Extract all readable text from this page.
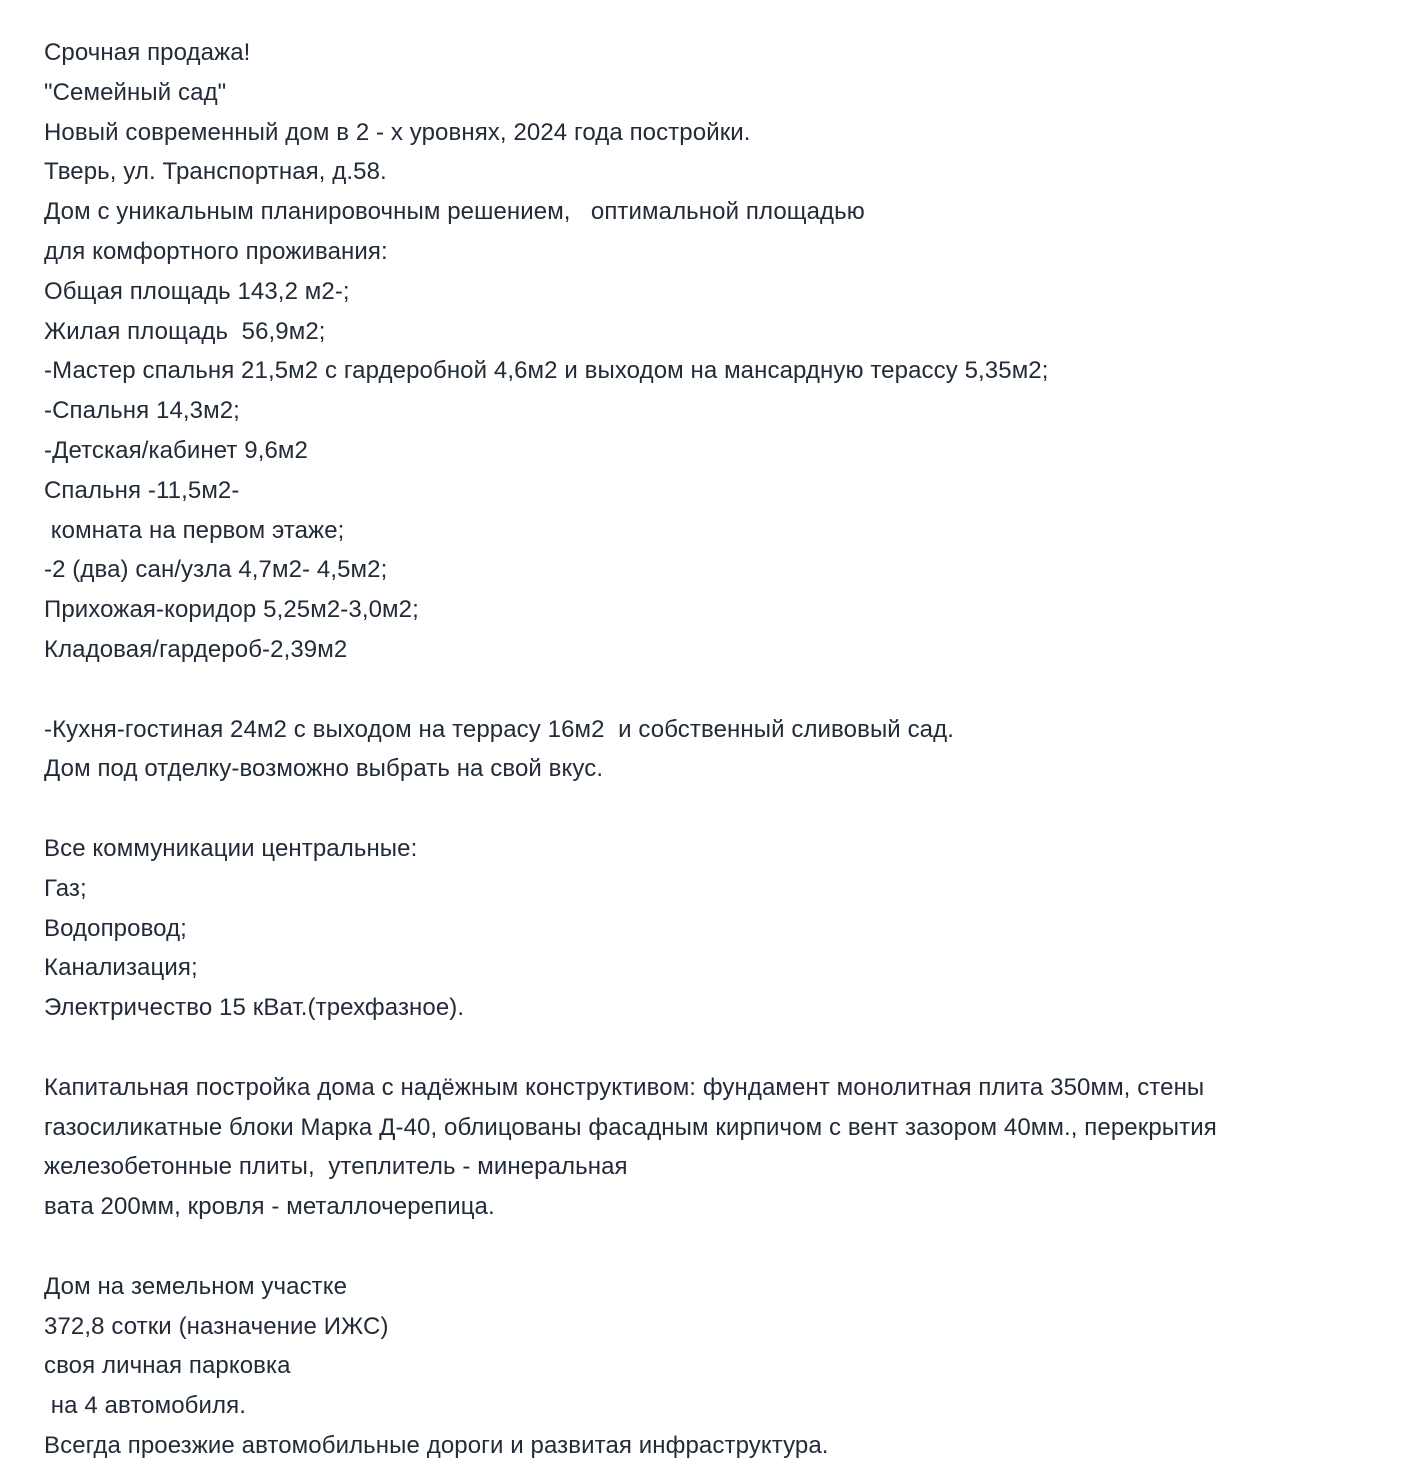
Срочная продажа!
"Семейный сад"
Новый современный дом в 2 - х уровнях, 2024 года постройки.
Тверь, ул. Транспортная, д.58.
Дом с уникальным планировочным решением,   оптимальной площадью
для комфортного проживания:
Общая площадь 143,2 м2-;
Жилая площадь  56,9м2;
-Мастер спальня 21,5м2 с гардеробной 4,6м2 и выходом на мансардную терассу 5,35м2;
-Спальня 14,3м2;
-Детская/кабинет 9,6м2
Спальня -11,5м2-
комната на первом этаже;
-2 (два) сан/узла 4,7м2- 4,5м2;
Прихожая-коридор 5,25м2-3,0м2;
Кладовая/гардероб-2,39м2
-Кухня-гостиная 24м2 с выходом на террасу 16м2  и собственный сливовый сад.
Дом под отделку-возможно выбрать на свой вкус.
Все коммуникации центральные:
Газ;
Водопровод;
Канализация;
Электричество 15 кВат.(трехфазное).
Капитальная постройка дома с надёжным конструктивом: фундамент монолитная плита 350мм, стены
газосиликатные блоки Марка Д-40, облицованы фасадным кирпичом с вент зазором 40мм., перекрытия
железобетонные плиты,  утеплитель - минеральная
вата 200мм, кровля - металлочерепица.
Дом на земельном участке
372,8 сотки (назначение ИЖС)
своя личная парковка
на 4 автомобиля.
Всегда проезжие автомобильные дороги и развитая инфраструктура.
